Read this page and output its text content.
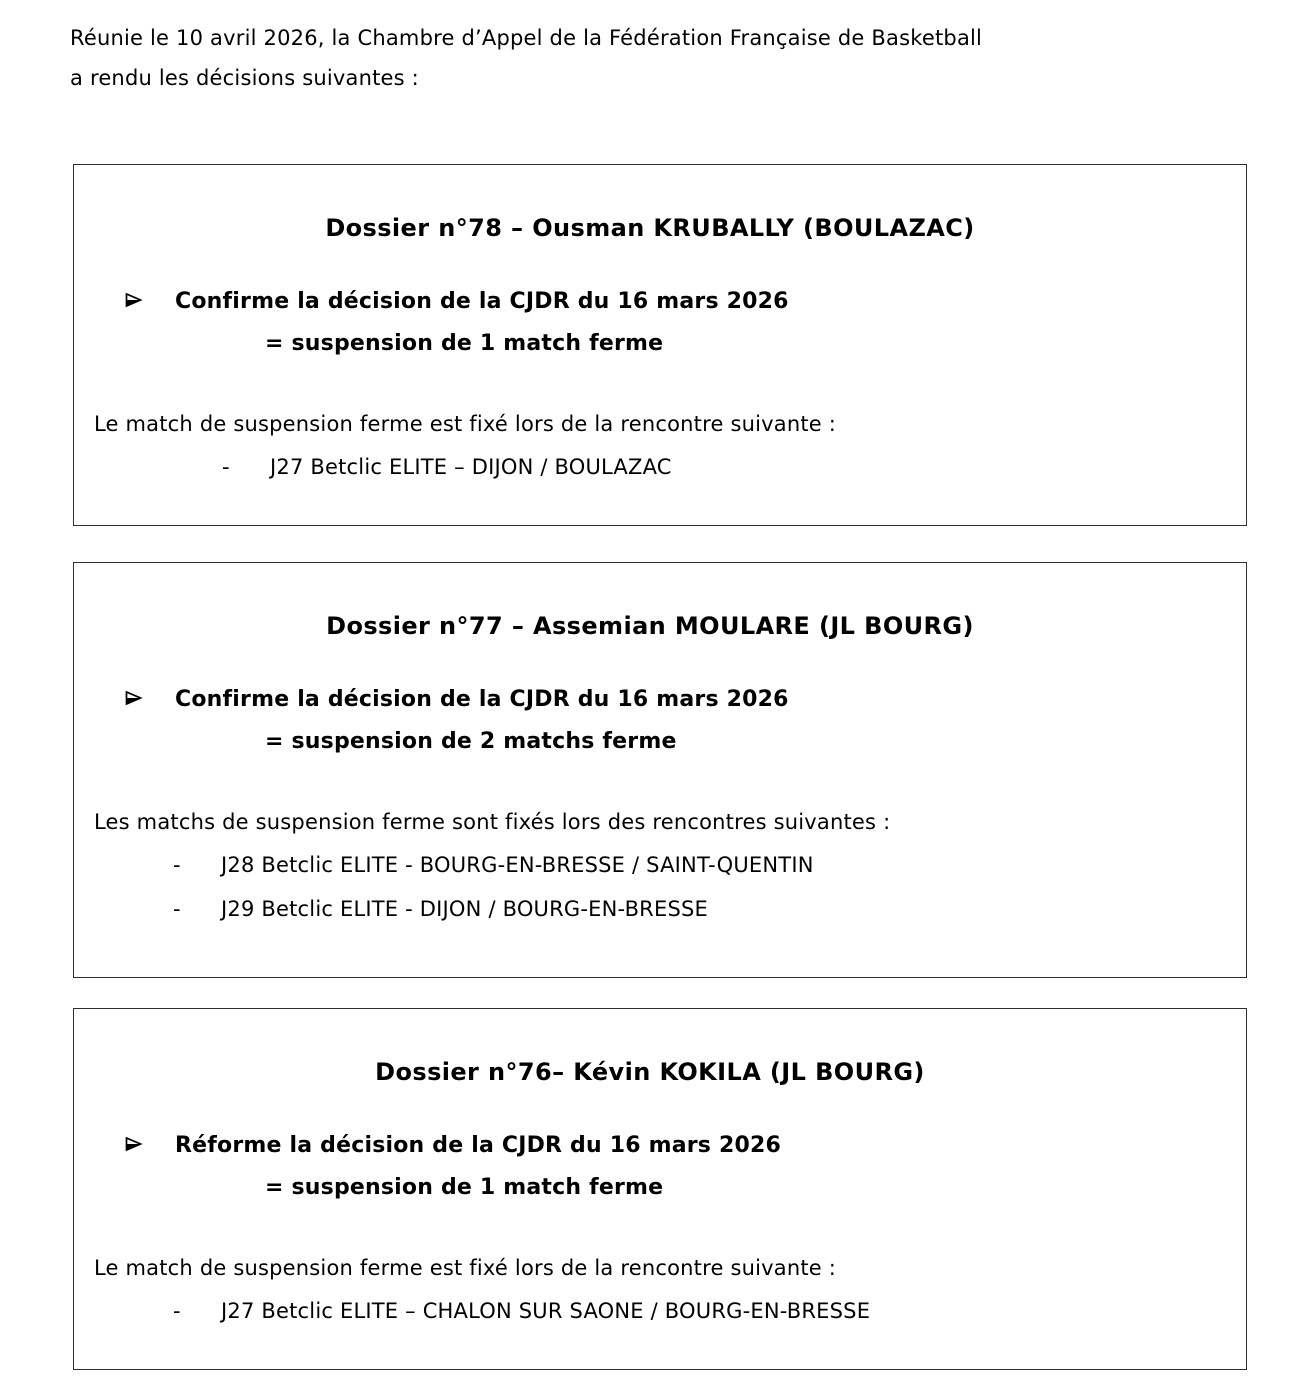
Réunie le 10 avril 2026, la Chambre d’Appel de la Fédération Française de Basketball
a rendu les décisions suivantes :

Dossier n°78 – Ousman KRUBALLY (BOULAZAC)
Confirme la décision de la CJDR du 16 mars 2026
= suspension de 1 match ferme

Le match de suspension ferme est fixé lors de la rencontre suivante :

-	J27 Betclic ELITE – DIJON / BOULAZAC
Dossier n°77 – Assemian MOULARE (JL BOURG)
Confirme la décision de la CJDR du 16 mars 2026
= suspension de 2 matchs ferme

Les matchs de suspension ferme sont fixés lors des rencontres suivantes :

-	J28 Betclic ELITE - BOURG-EN-BRESSE / SAINT-QUENTIN
-	J29 Betclic ELITE - DIJON / BOURG-EN-BRESSE
Dossier n°76– Kévin KOKILA (JL BOURG)
Réforme la décision de la CJDR du 16 mars 2026
= suspension de 1 match ferme

Le match de suspension ferme est fixé lors de la rencontre suivante :

-	J27 Betclic ELITE – CHALON SUR SAONE / BOURG-EN-BRESSE
